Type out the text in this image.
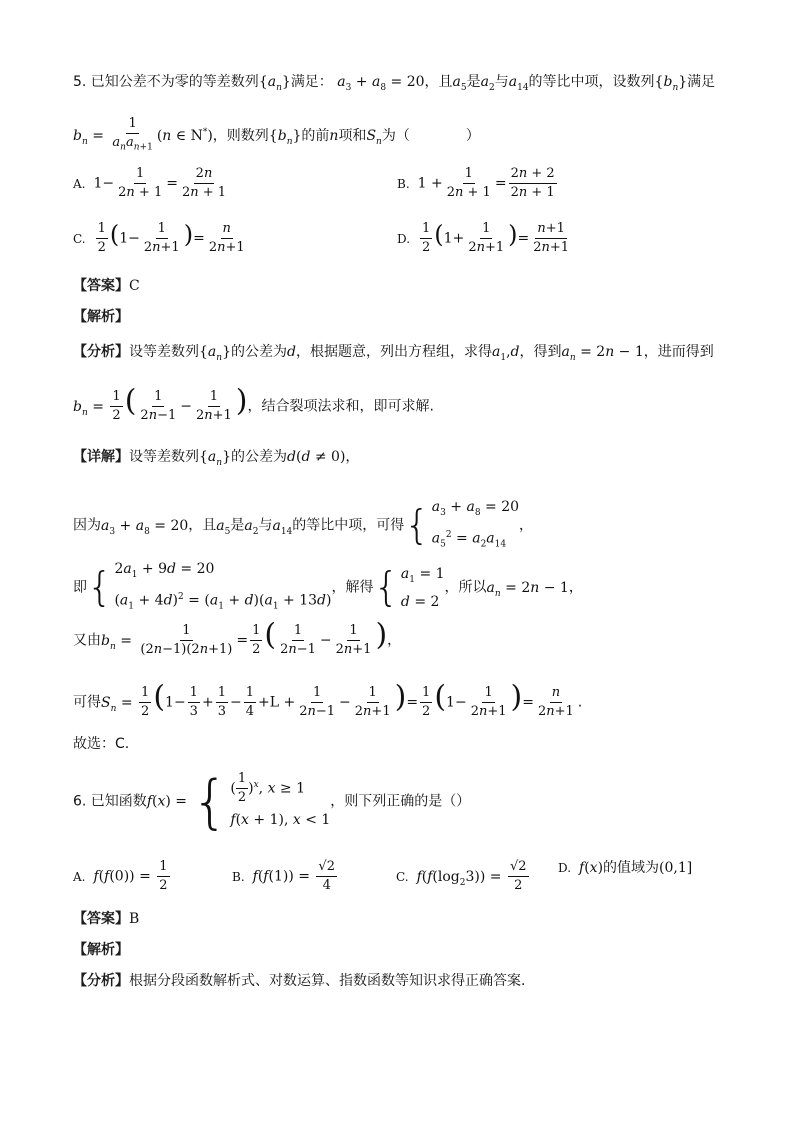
5. 已知公差不为零的等差数列$\{a_n\}$满足： $a_3 + a_8 = 20$，且$a_5$是$a_2$与$a_{14}$的等比中项，设数列$\{b_n\}$满足
$b_n = \frac{1}{a_na_{n+1}} (n$ ∈ N*)，则数列$\{b_n\}$的前n项和$S_n$为（　　　　）
A. $1- \frac{1}{2n + 1} = \frac{2n}{2n + 1}$	B. $1 + \frac{1}{2n + 1} = \frac{2n + 2}{2n + 1}$
C. $\frac{1}{2} (1- \frac{1}{2n+1}$ )= $\frac{n}{2n+1}$	D. $\frac{1}{2} (1+ \frac{1}{2n+1}$ )= $\frac{n+1}{2n+1}$
【答案】C
【解析】
【分析】设等差数列$\{a_n\}$的公差为d，根据题意，列出方程组，求得$a_1,d$，得到$a_n = 2n - 1$，进而得到
$b_n = \frac{1}{2}$ ( $\frac{1}{2n-1} - \frac{1}{2n+1}$ )，结合裂项法求和，即可求解.
【详解】设等差数列$\{a_n\}$的公差为d(d ≠ 0)，
因为$a_3 + a_8 = 20$，且$a_5$是$a_2$与$a_{14}$的等比中项，可得{ $a_3 + a_8 = 20$
$a_5^2 = a_2a_{14}$
，
即{ $2a_1 + 9d = 20$
$(a_1 + 4d)^2 = (a_1 + d)(a_1 + 13d)$
，解得{ $a_1 = 1$
d = 2
，所以$a_n = 2n - 1$，
又由$b_n = \frac{1}{(2n-1)(2n+1)} = \frac{1}{2}$ ( $\frac{1}{2n-1} - \frac{1}{2n+1}$ )，
可得$S_n = \frac{1}{2} (1- \frac{1}{3} + \frac{1}{3} - \frac{1}{4} +L + \frac{1}{2n-1} - \frac{1}{2n+1}$ )= $\frac{1}{2} (1- \frac{1}{2n+1}$ )= $\frac{n}{2n+1}$ .
故选：C.
6. 已知函数f(x) = { ( $\frac{1}{2} )^x$, x ≥ 1
f(x + 1), x < 1
，则下列正确的是（）
A. $f(f(0)) = \frac{1}{2}$	B. $f(f(1)) = \frac{√2}{4}$	C. $f(f(\log_23)) = \frac{√2}{2} D$. f(x)的值域为(0,1]
【答案】B
【解析】
【分析】根据分段函数解析式、对数运算、指数函数等知识求得正确答案.
